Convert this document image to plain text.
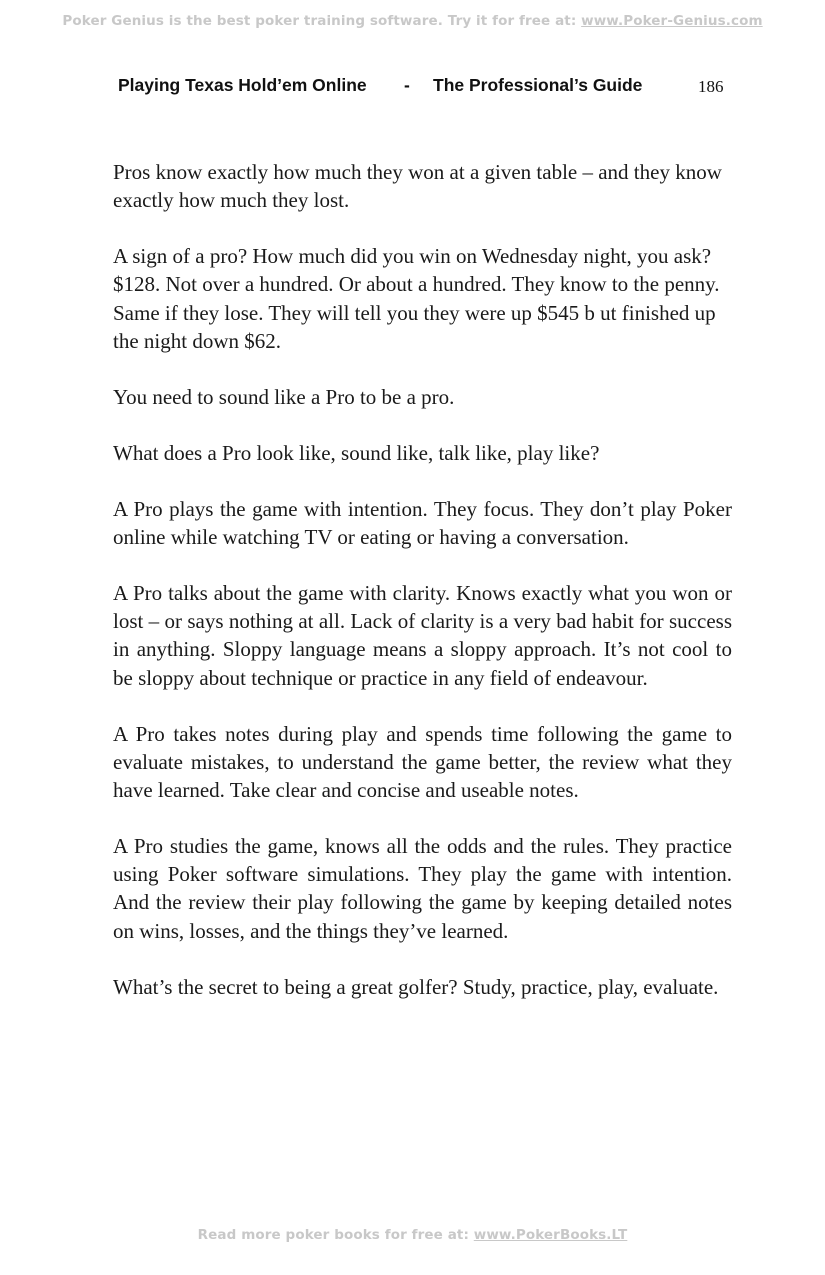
Poker Genius is the best poker training software. Try it for free at: www.Poker-Genius.com
Playing Texas Hold’em Online - The Professional’s Guide	186

Pros know exactly how much they won at a given table – and they know exactly how much they lost.

A sign of a pro? How much did you win on Wednesday night, you ask? $128. Not over a hundred. Or about a hundred. They know to the penny. Same if they lose. They will tell you they were up $545 b ut finished up the night down $62.

You need to sound like a Pro to be a pro.

What does a Pro look like, sound like, talk like, play like?

A Pro plays the game with intention. They focus. They don’t play Poker online while watching TV or eating or having a conversation.

A Pro talks about the game with clarity. Knows exactly what you won or lost – or says nothing at all. Lack of clarity is a very bad habit for success in anything. Sloppy language means a sloppy approach. It’s not cool to be sloppy about technique or practice in any field of endeavour.

A Pro takes notes during play and spends time following the game to evaluate mistakes, to understand the game better, the review what they have learned. Take clear and concise and useable notes.

A Pro studies the game, knows all the odds and the rules. They practice using Poker software simulations. They play the game with intention. And the review their play following the game by keeping detailed notes on wins, losses, and the things they’ve learned.

What’s the secret to being a great golfer? Study, practice, play, evaluate.

Read more poker books for free at: www.PokerBooks.LT
